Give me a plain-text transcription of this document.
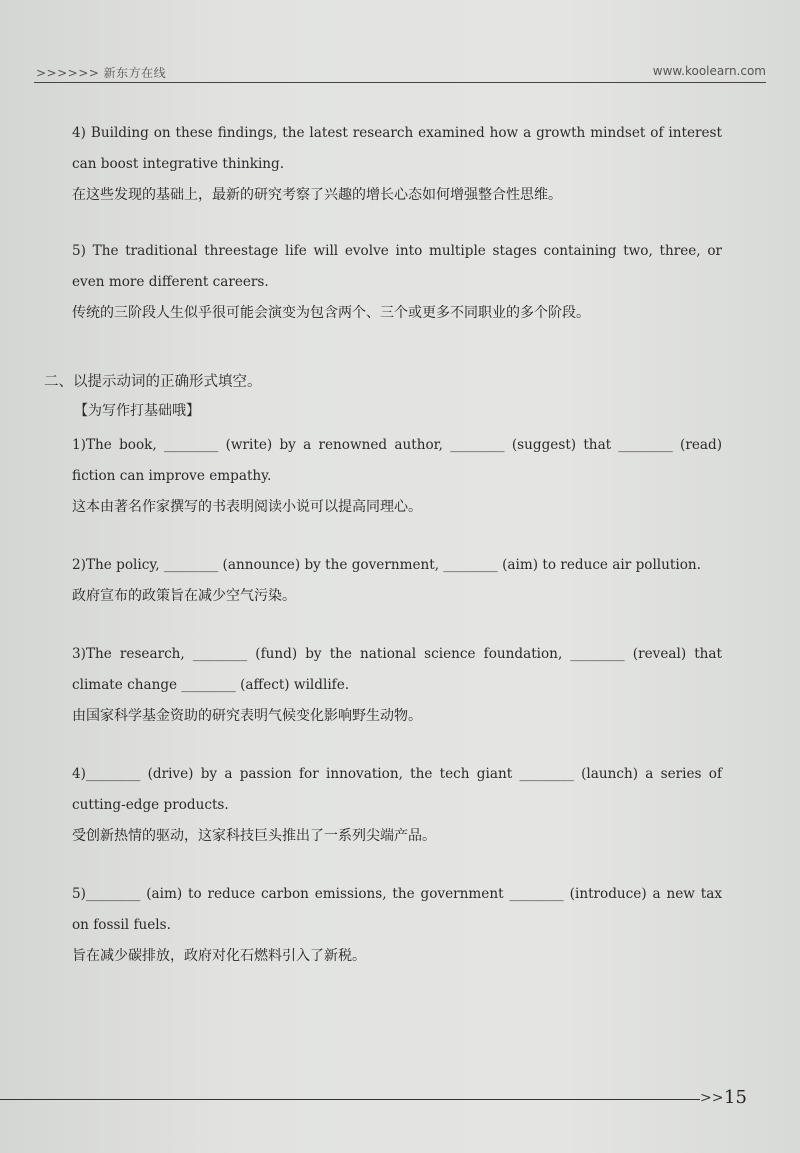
>>>>>> 新东方在线	www.koolearn.com

4) Building on these findings, the latest research examined how a growth mindset of interest can boost integrative thinking.

在这些发现的基础上，最新的研究考察了兴趣的增长心态如何增强整合性思维。

5) The traditional threestage life will evolve into multiple stages containing two, three, or even more different careers.

传统的三阶段人生似乎很可能会演变为包含两个、三个或更多不同职业的多个阶段。

二、以提示动词的正确形式填空。
【为写作打基础哦】

1)The book, ________ (write) by a renowned author, ________ (suggest) that ________ (read) fiction can improve empathy.

这本由著名作家撰写的书表明阅读小说可以提高同理心。

2)The policy, ________ (announce) by the government, ________ (aim) to reduce air pollution.

政府宣布的政策旨在减少空气污染。

3)The research, ________ (fund) by the national science foundation, ________ (reveal) that climate change ________ (affect) wildlife.

由国家科学基金资助的研究表明气候变化影响野生动物。

4)________ (drive) by a passion for innovation, the tech giant ________ (launch) a series of cutting-edge products.

受创新热情的驱动，这家科技巨头推出了一系列尖端产品。

5)________ (aim) to reduce carbon emissions, the government ________ (introduce) a new tax on fossil fuels.

旨在减少碳排放，政府对化石燃料引入了新税。

>> 15
